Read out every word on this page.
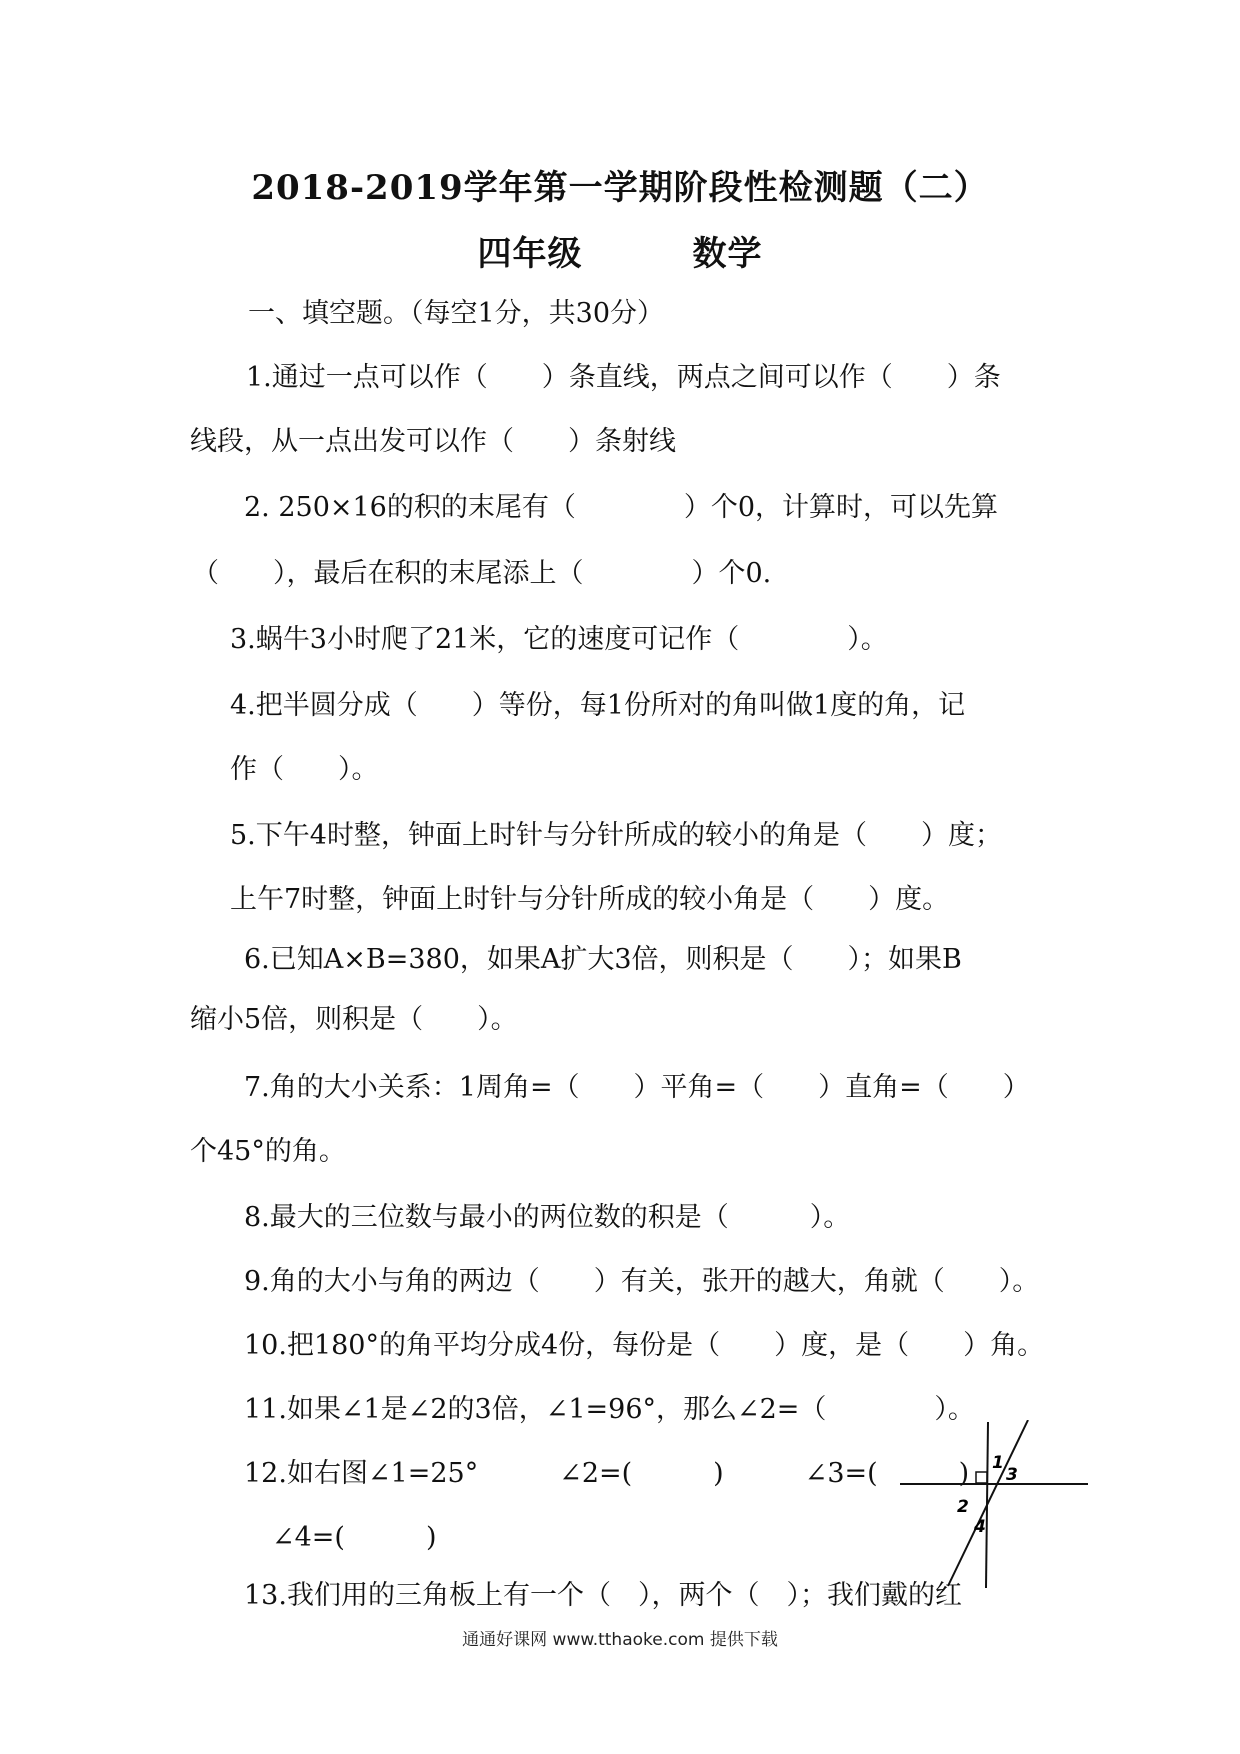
2018-2019学年第一学期阶段性检测题（二）
四年级	数学
一、填空题。（每空1分，共30分）
1.通过一点可以作（　　）条直线，两点之间可以作（　　）条
线段，从一点出发可以作（　　）条射线
2. 250×16的积的末尾有（　　　　）个0，计算时，可以先算
（　　），最后在积的末尾添上（　　　　）个0.
3.蜗牛3小时爬了21米，它的速度可记作（　　　　）。
4.把半圆分成（　　）等份，每1份所对的角叫做1度的角，记
作（　　）。
5.下午4时整，钟面上时针与分针所成的较小的角是（　　）度；
上午7时整，钟面上时针与分针所成的较小角是（　　）度。
6.已知A×B=380，如果A扩大3倍，则积是（　　）；如果B
缩小5倍，则积是（　　）。
7.角的大小关系：1周角=（　　）平角=（　　）直角=（　　）
个45°的角。
8.最大的三位数与最小的两位数的积是（　　　）。
9.角的大小与角的两边（　　）有关，张开的越大，角就（　　）。
10.把180°的角平均分成4份，每份是（　　）度，是（　　）角。
11.如果∠1是∠2的3倍，∠1=96°，那么∠2=（　　　　）。
12.如右图∠1=25°　　　∠2=(　　　)　　　∠3=(　　　)
∠4=(　　　)
1
2
3
4
13.我们用的三角板上有一个（　），两个（　）；我们戴的红
通通好课网 www.tthaoke.com 提供下载
